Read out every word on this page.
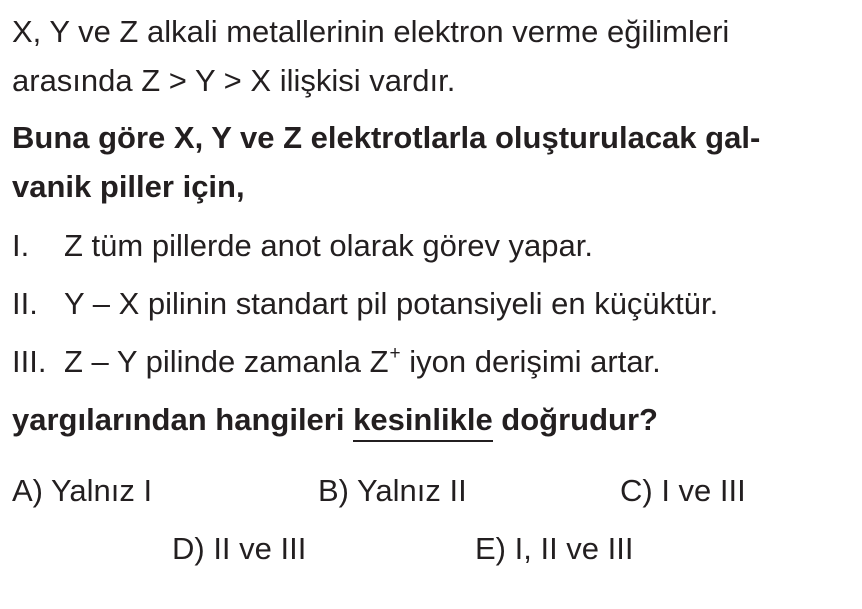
X, Y ve Z alkali metallerinin elektron verme eğilimleri
arasında Z > Y > X ilişkisi vardır.
Buna göre X, Y ve Z elektrotlarla oluşturulacak gal-
vanik piller için,
I. Z tüm pillerde anot olarak görev yapar.
II. Y – X pilinin standart pil potansiyeli en küçüktür.
III. Z – Y pilinde zamanla Z+ iyon derişimi artar.
yargılarından hangileri kesinlikle doğrudur?
A) Yalnız I	B) Yalnız II	C) I ve III
D) II ve III	E) I, II ve III
